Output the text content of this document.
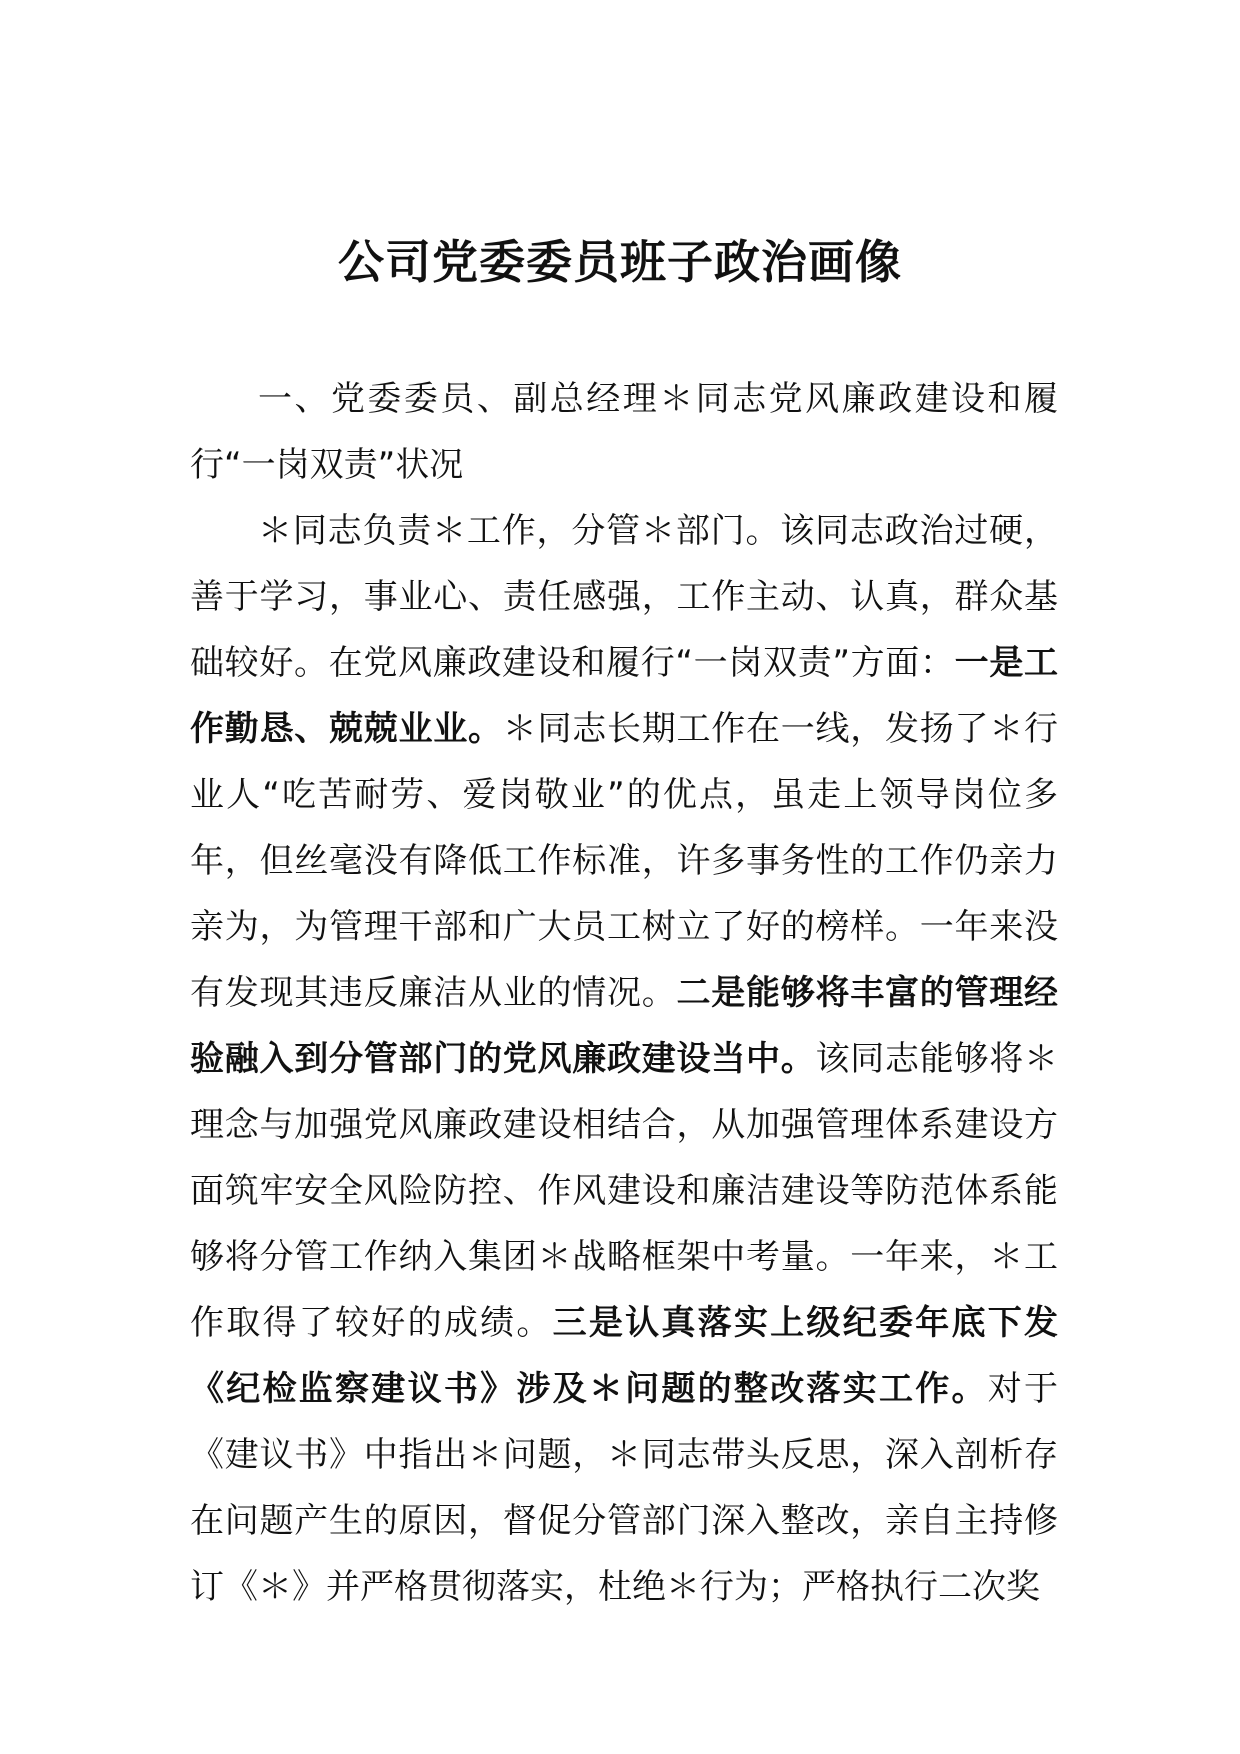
公司党委委员班子政治画像

一、党委委员、副总经理＊同志党风廉政建设和履行“一岗双责”状况

＊同志负责＊工作，分管＊部门。该同志政治过硬，善于学习，事业心、责任感强，工作主动、认真，群众基础较好。在党风廉政建设和履行“一岗双责”方面：一是工作勤恳、兢兢业业。＊同志长期工作在一线，发扬了＊行业人“吃苦耐劳、爱岗敬业”的优点，虽走上领导岗位多年，但丝毫没有降低工作标准，许多事务性的工作仍亲力亲为，为管理干部和广大员工树立了好的榜样。一年来没有发现其违反廉洁从业的情况。二是能够将丰富的管理经验融入到分管部门的党风廉政建设当中。该同志能够将＊理念与加强党风廉政建设相结合，从加强管理体系建设方面筑牢安全风险防控、作风建设和廉洁建设等防范体系能够将分管工作纳入集团＊战略框架中考量。一年来，＊工作取得了较好的成绩。三是认真落实上级纪委年底下发《纪检监察建议书》涉及＊问题的整改落实工作。对于《建议书》中指出＊问题，＊同志带头反思，深入剖析存在问题产生的原因，督促分管部门深入整改，亲自主持修订《＊》并严格贯彻落实，杜绝＊行为；严格执行二次奖
